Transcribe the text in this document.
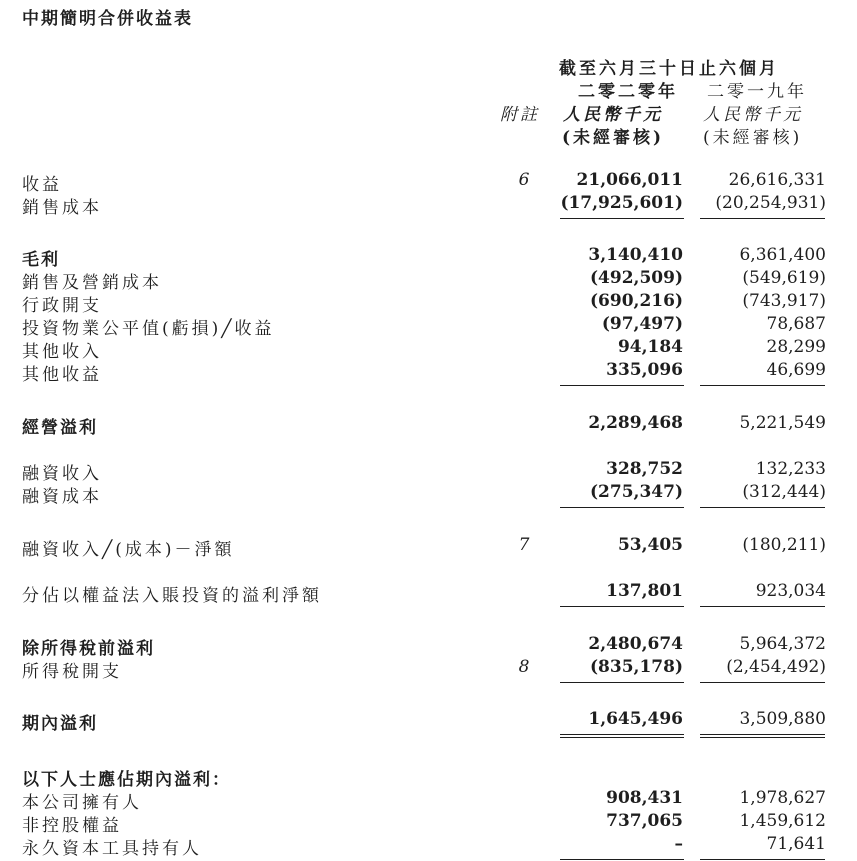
中期簡明合併收益表
截至六月三十日止六個月
二零二零年 二零一九年
附註 人民幣千元 人民幣千元
(未經審核) (未經審核)
收益	6	21,066,011	26,616,331
銷售成本	(17,925,601) (20,254,931)
毛利	3,140,410	6,361,400
銷售及營銷成本	(492,509)	(549,619)
行政開支	(690,216)	(743,917)
投資物業公平值(虧損)╱收益	(97,497)	78,687
其他收入	94,184	28,299
其他收益	335,096	46,699
經營溢利	2,289,468	5,221,549
融資收入	328,752	132,233
融資成本	(275,347)	(312,444)
融資收入╱(成本)－淨額	7	53,405	(180,211)
分佔以權益法入賬投資的溢利淨額	137,801	923,034
除所得稅前溢利	2,480,674	5,964,372
所得稅開支	8	(835,178)	(2,454,492)
期內溢利	1,645,496	3,509,880
以下人士應佔期內溢利：
本公司擁有人	908,431	1,978,627
非控股權益	737,065	1,459,612
永久資本工具持有人	–	71,641
